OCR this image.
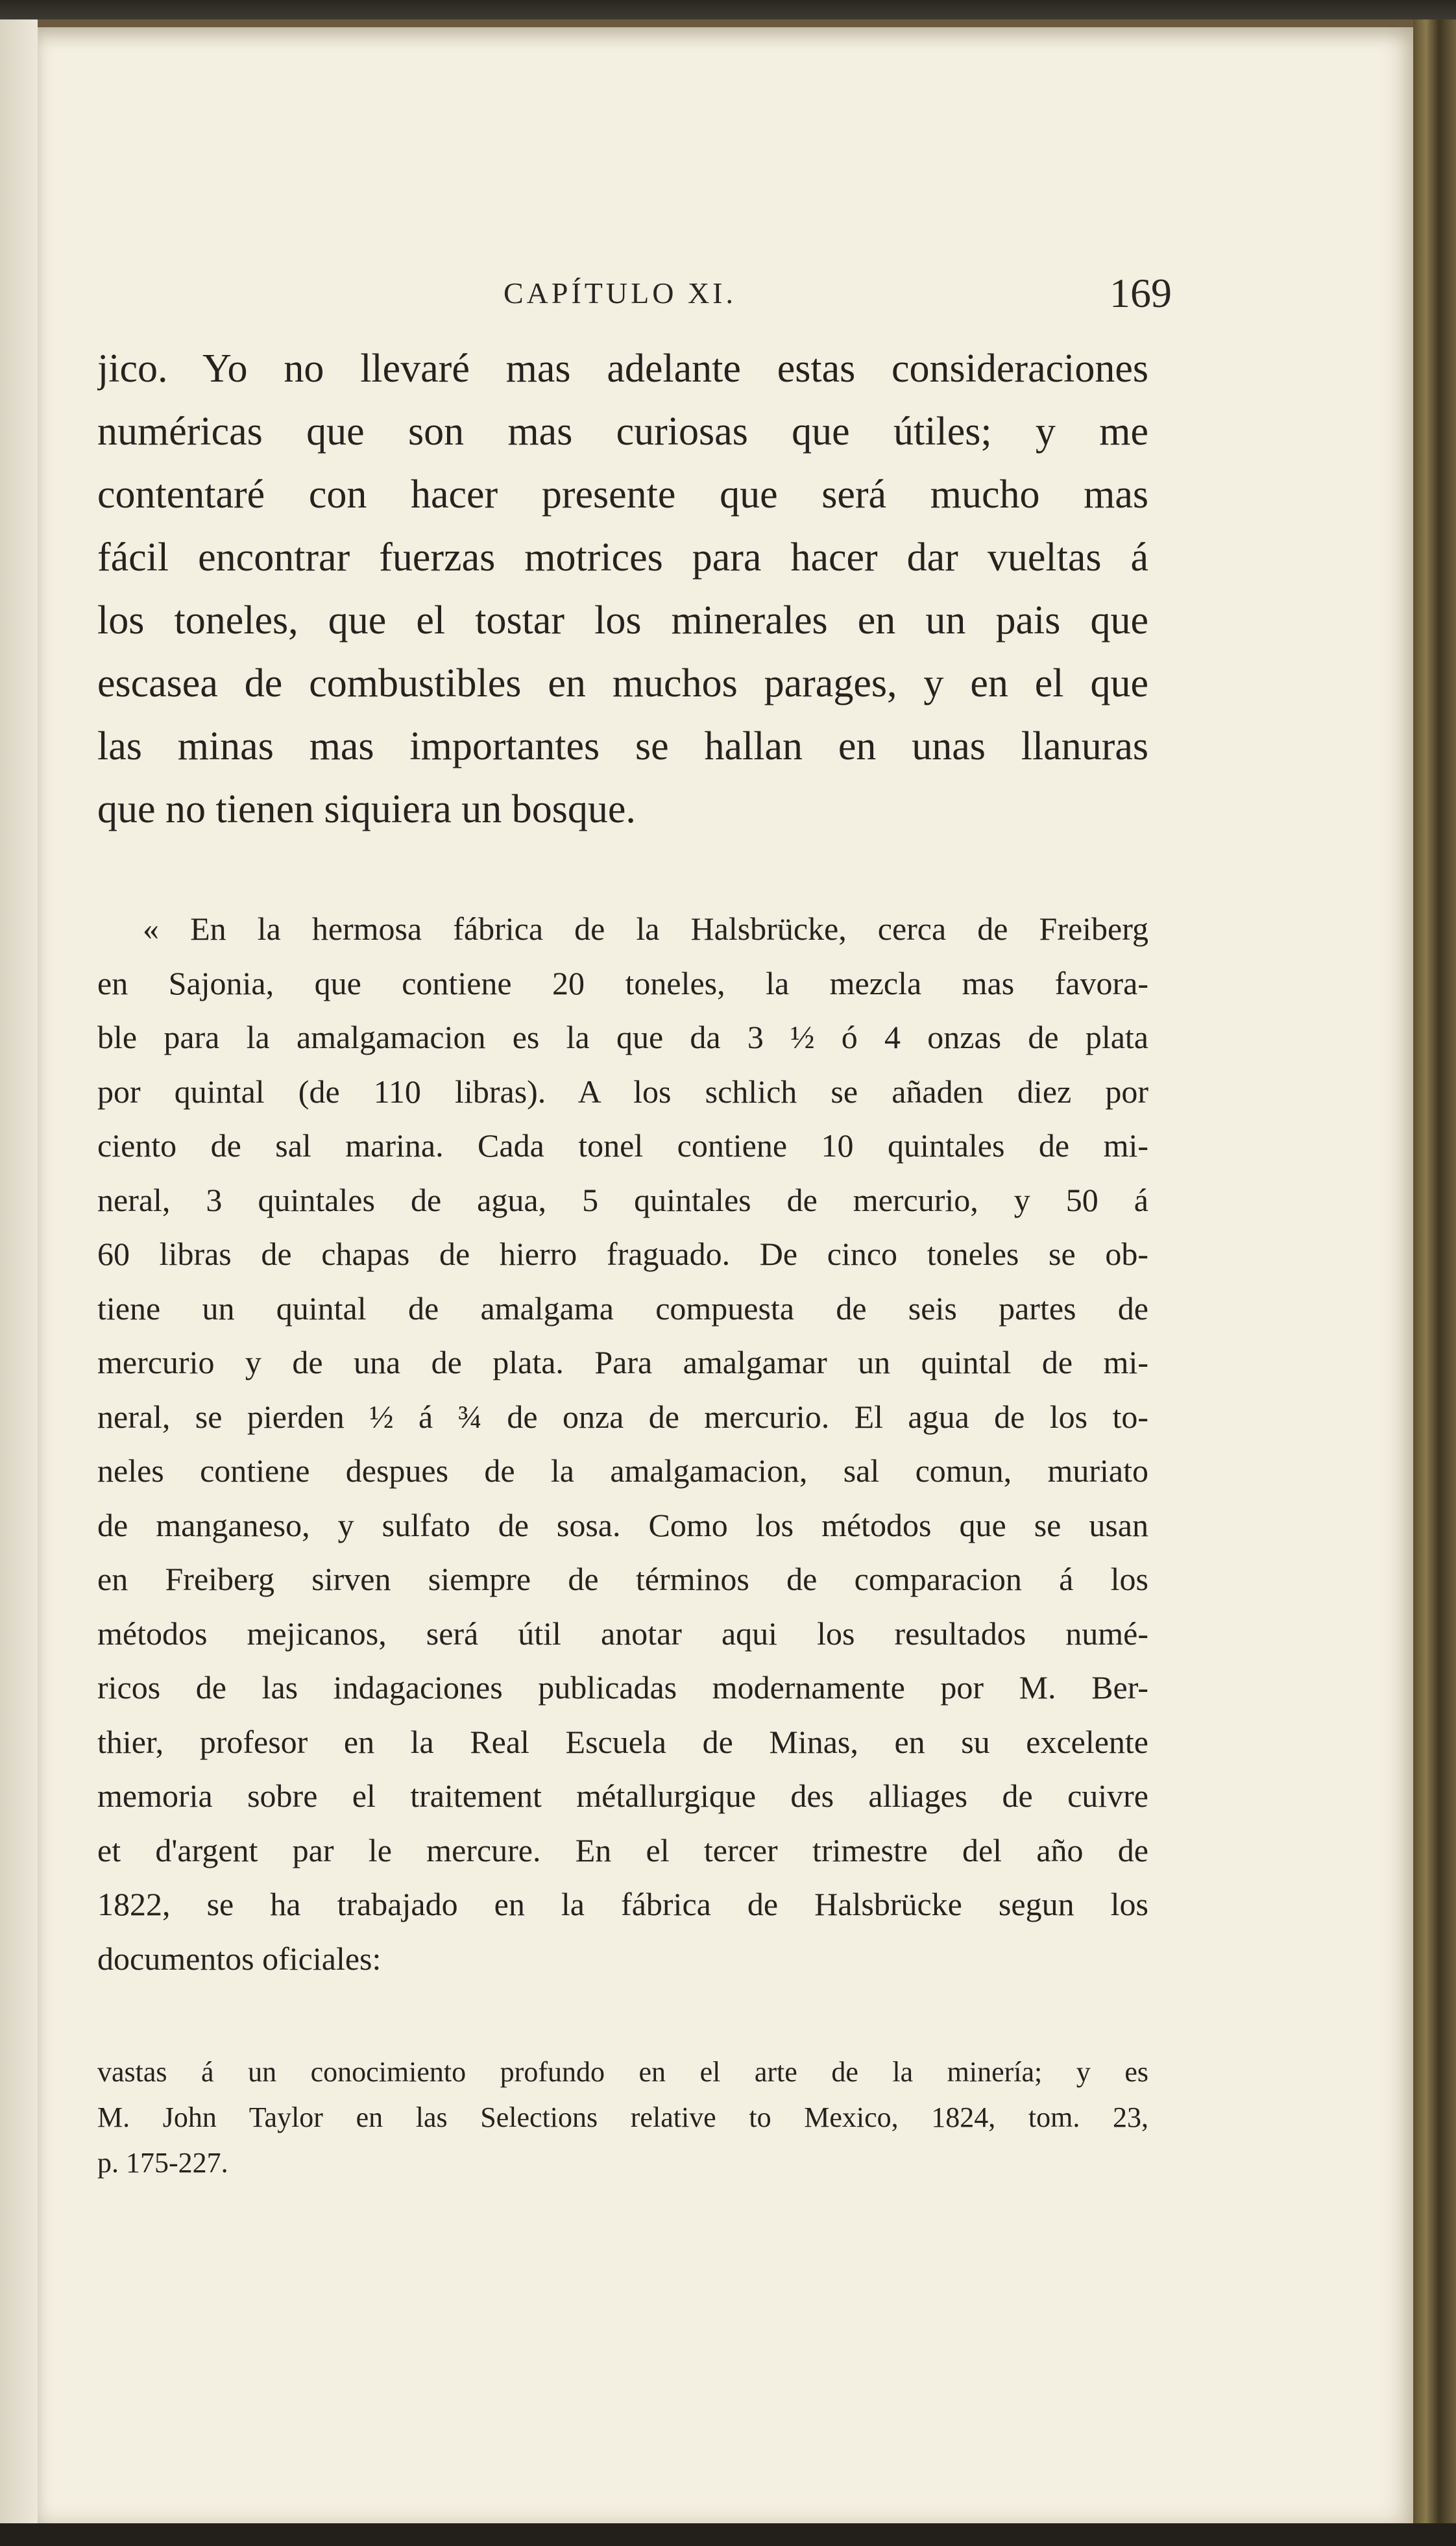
CAPÍTULO XI.	169
jico. Yo no llevaré mas adelante estas consideraciones
numéricas que son mas curiosas que útiles; y me
contentaré con hacer presente que será mucho mas
fácil encontrar fuerzas motrices para hacer dar vueltas á
los toneles, que el tostar los minerales en un pais que
escasea de combustibles en muchos parages, y en el que
las minas mas importantes se hallan en unas llanuras
que no tienen siquiera un bosque.
« En la hermosa fábrica de la Halsbrücke, cerca de Freiberg
en Sajonia, que contiene 20 toneles, la mezcla mas favora-
ble para la amalgamacion es la que da 3 ½ ó 4 onzas de plata
por quintal (de 110 libras). A los schlich se añaden diez por
ciento de sal marina. Cada tonel contiene 10 quintales de mi-
neral, 3 quintales de agua, 5 quintales de mercurio, y 50 á
60 libras de chapas de hierro fraguado. De cinco toneles se ob-
tiene un quintal de amalgama compuesta de seis partes de
mercurio y de una de plata. Para amalgamar un quintal de mi-
neral, se pierden ½ á ¾ de onza de mercurio. El agua de los to-
neles contiene despues de la amalgamacion, sal comun, muriato
de manganeso, y sulfato de sosa. Como los métodos que se usan
en Freiberg sirven siempre de términos de comparacion á los
métodos mejicanos, será útil anotar aqui los resultados numé-
ricos de las indagaciones publicadas modernamente por M. Ber-
thier, profesor en la Real Escuela de Minas, en su excelente
memoria sobre el traitement métallurgique des alliages de cuivre
et d'argent par le mercure. En el tercer trimestre del año de
1822, se ha trabajado en la fábrica de Halsbrücke segun los
documentos oficiales:
vastas á un conocimiento profundo en el arte de la minería; y es
M. John Taylor en las Selections relative to Mexico, 1824, tom. 23,
p. 175-227.
